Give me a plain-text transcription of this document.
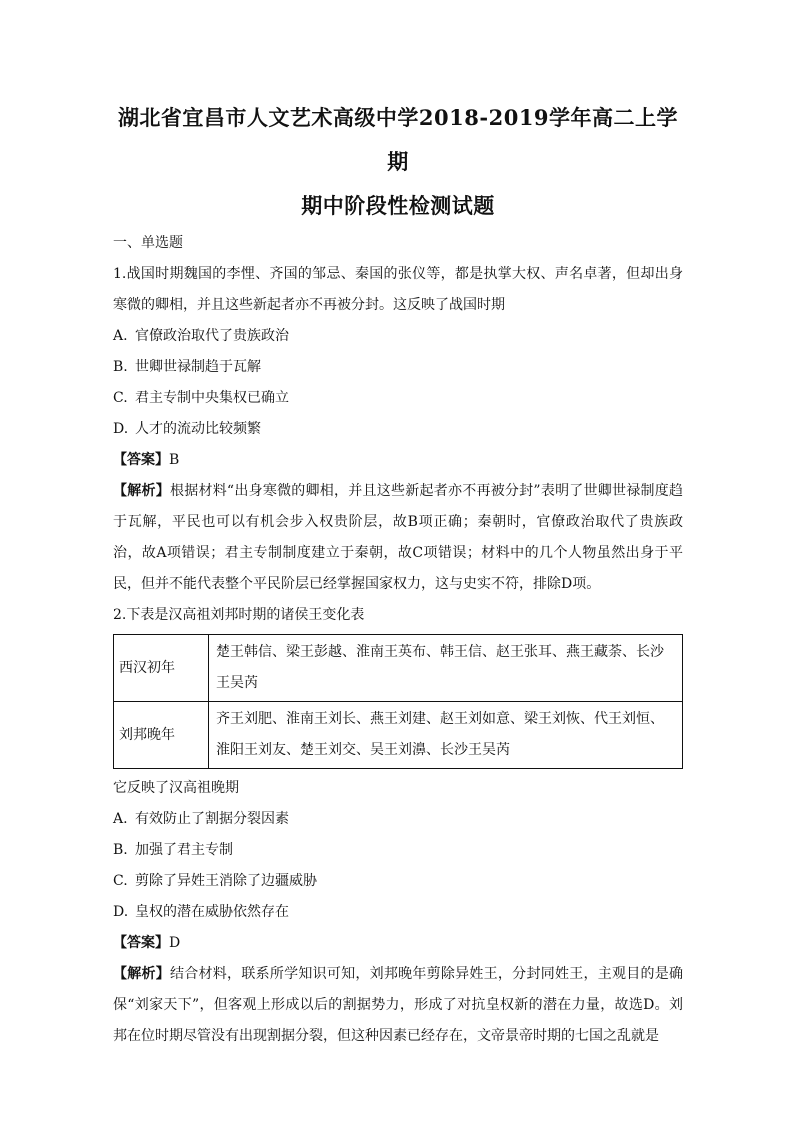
湖北省宜昌市人文艺术高级中学2018-2019学年高二上学期
期中阶段性检测试题

一、单选题

1.战国时期魏国的李悝、齐国的邹忌、秦国的张仪等，都是执掌大权、声名卓著，但却出身寒微的卿相，并且这些新起者亦不再被分封。这反映了战国时期

A. 官僚政治取代了贵族政治

B. 世卿世禄制趋于瓦解

C. 君主专制中央集权已确立

D. 人才的流动比较频繁

【答案】B

【解析】根据材料“出身寒微的卿相，并且这些新起者亦不再被分封”表明了世卿世禄制度趋于瓦解，平民也可以有机会步入权贵阶层，故B项正确；秦朝时，官僚政治取代了贵族政治，故A项错误；君主专制制度建立于秦朝，故C项错误；材料中的几个人物虽然出身于平民，但并不能代表整个平民阶层已经掌握国家权力，这与史实不符，排除D项。

2.下表是汉高祖刘邦时期的诸侯王变化表

西汉初年	楚王韩信、梁王彭越、淮南王英布、韩王信、赵王张耳、燕王藏荼、长沙王吴芮
刘邦晚年	齐王刘肥、淮南王刘长、燕王刘建、赵王刘如意、梁王刘恢、代王刘恒、淮阳王刘友、楚王刘交、吴王刘濞、长沙王吴芮

它反映了汉高祖晚期

A. 有效防止了割据分裂因素

B. 加强了君主专制

C. 剪除了异姓王消除了边疆威胁

D. 皇权的潜在威胁依然存在

【答案】D

【解析】结合材料，联系所学知识可知，刘邦晚年剪除异姓王，分封同姓王，主观目的是确保“刘家天下”，但客观上形成以后的割据势力，形成了对抗皇权新的潜在力量，故选D。刘邦在位时期尽管没有出现割据分裂，但这种因素已经存在，文帝景帝时期的七国之乱就是
